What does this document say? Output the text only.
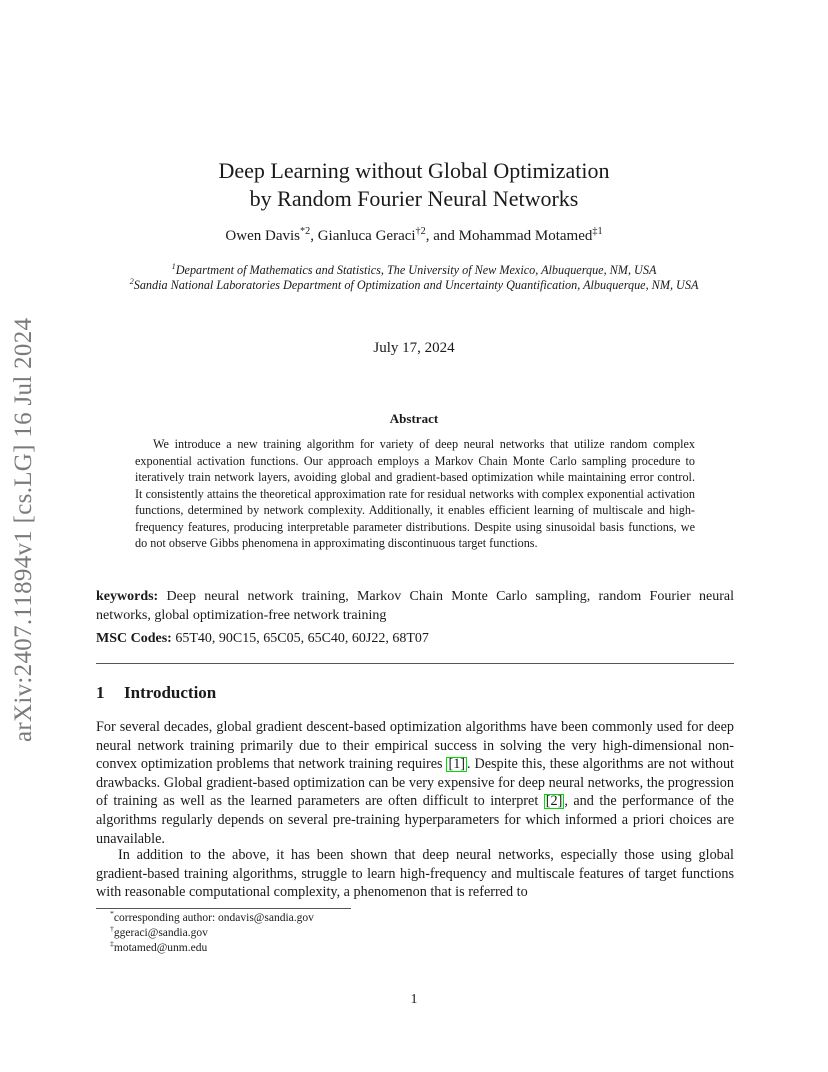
arXiv:2407.11894v1 [cs.LG] 16 Jul 2024
Deep Learning without Global Optimization
by Random Fourier Neural Networks
Owen Davis$^{*2}$, Gianluca Geraci$^{\dagger 2}$, and Mohammad Motamed$^{\ddagger 1}$
$^1$Department of Mathematics and Statistics, The University of New Mexico, Albuquerque, NM, USA
$^2$Sandia National Laboratories Department of Optimization and Uncertainty Quantification, Albuquerque, NM, USA
July 17, 2024
Abstract

We introduce a new training algorithm for variety of deep neural networks that utilize random complex exponential activation functions. Our approach employs a Markov Chain Monte Carlo sampling procedure to iteratively train network layers, avoiding global and gradient-based optimization while maintaining error control. It consistently attains the theoretical approximation rate for residual networks with complex exponential activation functions, determined by network complexity. Additionally, it enables efficient learning of multiscale and high-frequency features, producing interpretable parameter distributions. Despite using sinusoidal basis functions, we do not observe Gibbs phenomena in approximating discontinuous target functions.

keywords: Deep neural network training, Markov Chain Monte Carlo sampling, random Fourier neural networks, global optimization-free network training

MSC Codes: 65T40, 90C15, 65C05, 65C40, 60J22, 68T07

1 Introduction

For several decades, global gradient descent-based optimization algorithms have been commonly used for deep neural network training primarily due to their empirical success in solving the very high-dimensional non-convex optimization problems that network training requires [1] . Despite this, these algorithms are not without drawbacks. Global gradient-based optimization can be very expensive for deep neural networks, the progression of training as well as the learned parameters are often difficult to interpret [2] , and the performance of the algorithms regularly depends on several pre-training hyperparameters for which informed a priori choices are unavailable.

In addition to the above, it has been shown that deep neural networks, especially those using global gradient-based training algorithms, struggle to learn high-frequency and multiscale features of target functions with reasonable computational complexity, a phenomenon that is referred to

*corresponding author: ondavis@sandia.gov
†ggeraci@sandia.gov
‡motamed@unm.edu
1
